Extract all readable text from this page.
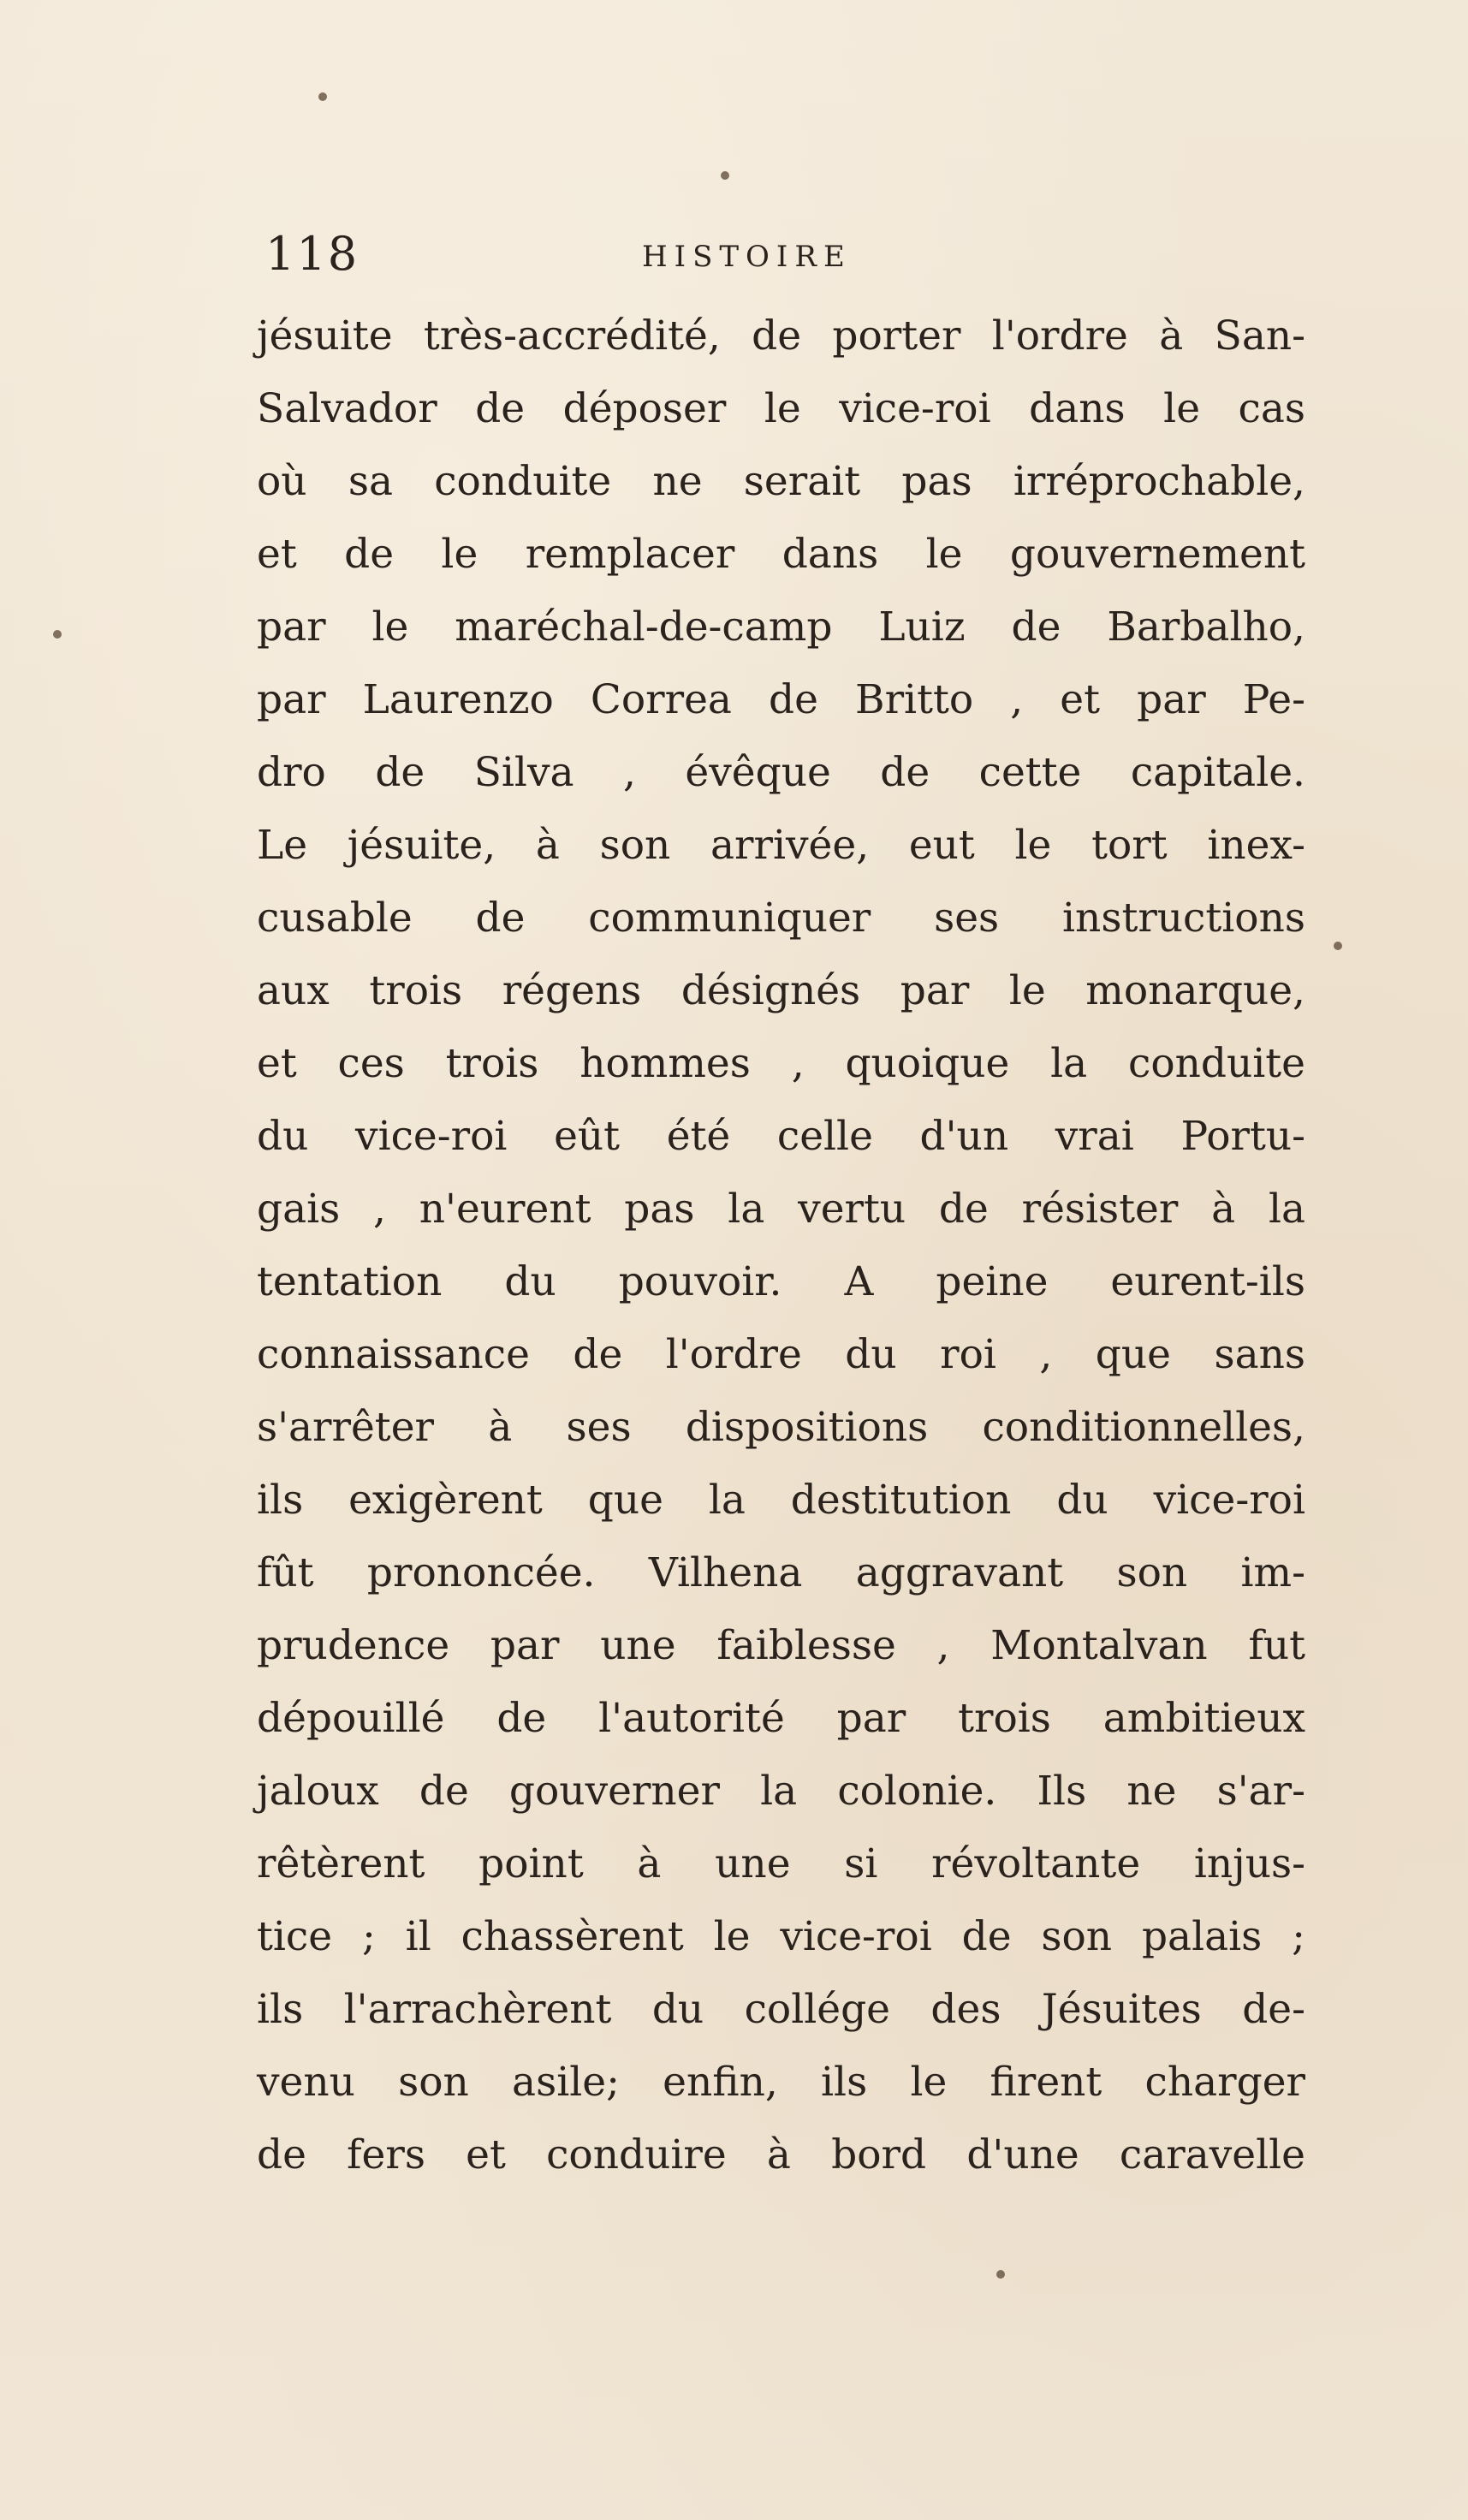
118	HISTOIRE
jésuite très-accrédité, de porter l'ordre à San-
Salvador de déposer le vice-roi dans le cas
où sa conduite ne serait pas irréprochable,
et de le remplacer dans le gouvernement
par le maréchal-de-camp Luiz de Barbalho,
par Laurenzo Correa de Britto , et par Pe-
dro de Silva , évêque de cette capitale.
Le jésuite, à son arrivée, eut le tort inex-
cusable de communiquer ses instructions
aux trois régens désignés par le monarque,
et ces trois hommes , quoique la conduite
du vice-roi eût été celle d'un vrai Portu-
gais , n'eurent pas la vertu de résister à la
tentation du pouvoir. A peine eurent-ils
connaissance de l'ordre du roi , que sans
s'arrêter à ses dispositions conditionnelles,
ils exigèrent que la destitution du vice-roi
fût prononcée. Vilhena aggravant son im-
prudence par une faiblesse , Montalvan fut
dépouillé de l'autorité par trois ambitieux
jaloux de gouverner la colonie. Ils ne s'ar-
rêtèrent point à une si révoltante injus-
tice ; il chassèrent le vice-roi de son palais ;
ils l'arrachèrent du collége des Jésuites de-
venu son asile; enfin, ils le firent charger
de fers et conduire à bord d'une caravelle
